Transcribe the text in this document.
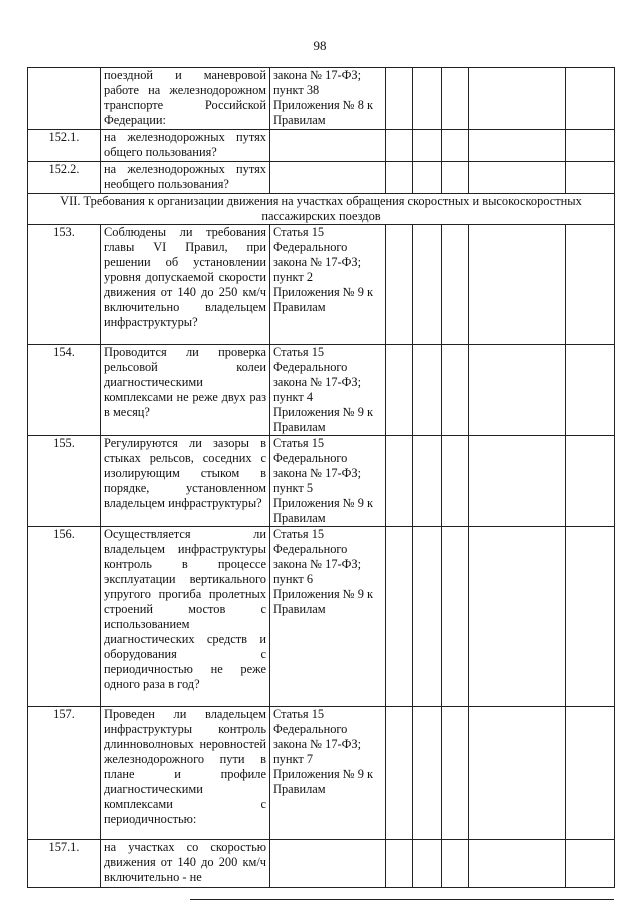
98
	поездной и маневровой работе на железнодорожном транспорте Российской Федерации:	закона № 17-ФЗ; пункт 38 Приложения № 8 к Правилам					
152.1.	на железнодорожных путях общего пользования?						
152.2.	на железнодорожных путях необщего пользования?						
VII. Требования к организации движения на участках обращения скоростных и высокоскоростных пассажирских поездов							
153.	Соблюдены ли требования главы VI Правил, при решении об установлении уровня допускаемой скорости движения от 140 до 250 км/ч включительно владельцем инфраструктуры?	Статья 15 Федерального закона № 17-ФЗ; пункт 2 Приложения № 9 к Правилам					
154.	Проводится ли проверка рельсовой колеи диагностическими комплексами не реже двух раз в месяц?	Статья 15 Федерального закона № 17-ФЗ; пункт 4 Приложения № 9 к Правилам					
155.	Регулируются ли зазоры в стыках рельсов, соседних с изолирующим стыком в порядке, установленном владельцем инфраструктуры?	Статья 15 Федерального закона № 17-ФЗ; пункт 5 Приложения № 9 к Правилам					
156.	Осуществляется ли владельцем инфраструктуры контроль в процессе эксплуатации вертикального упругого прогиба пролетных строений мостов с использованием диагностических средств и оборудования с периодичностью не реже одного раза в год?	Статья 15 Федерального закона № 17-ФЗ; пункт 6 Приложения № 9 к Правилам					
157.	Проведен ли владельцем инфраструктуры контроль длинноволновых неровностей железнодорожного пути в плане и профиле диагностическими комплексами с периодичностью:	Статья 15 Федерального закона № 17-ФЗ; пункт 7 Приложения № 9 к Правилам					
157.1.	на участках со скоростью движения от 140 до 200 км/ч включительно - не						
